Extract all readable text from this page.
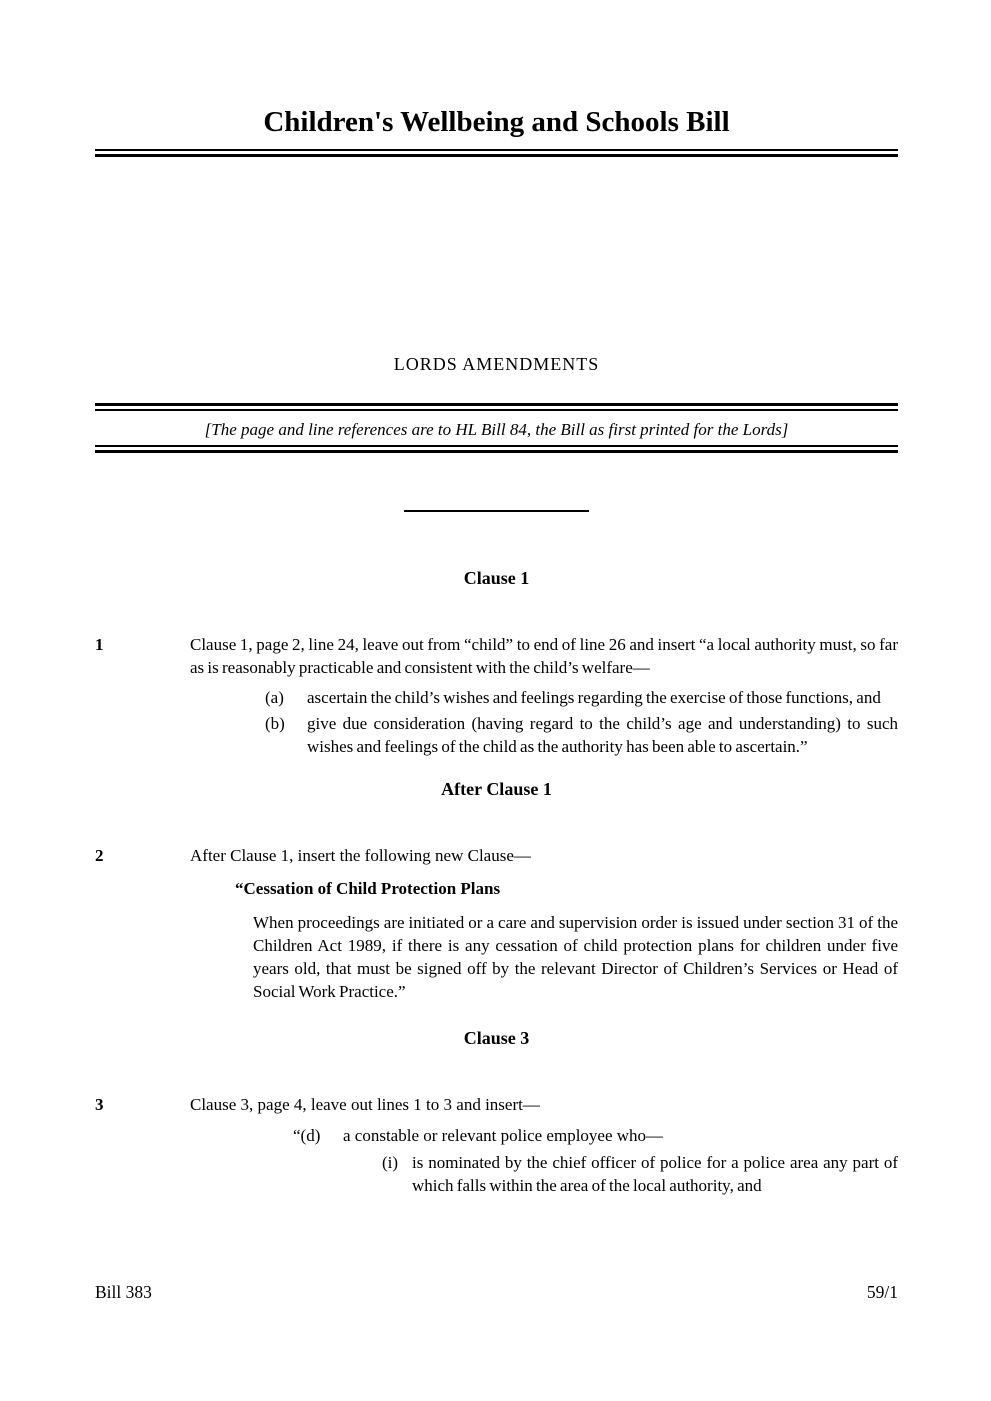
Children's Wellbeing and Schools Bill
LORDS AMENDMENTS
[The page and line references are to HL Bill 84, the Bill as first printed for the Lords]
Clause 1
1	Clause 1, page 2, line 24, leave out from “child” to end of line 26 and insert “a local authority must, so far as is reasonably practicable and consistent with the child’s welfare—
(a)	ascertain the child’s wishes and feelings regarding the exercise of those functions, and
(b)	give due consideration (having regard to the child’s age and understanding) to such wishes and feelings of the child as the authority has been able to ascertain.”
After Clause 1
2	After Clause 1, insert the following new Clause—
“Cessation of Child Protection Plans
When proceedings are initiated or a care and supervision order is issued under section 31 of the Children Act 1989, if there is any cessation of child protection plans for children under five years old, that must be signed off by the relevant Director of Children’s Services or Head of Social Work Practice.”
Clause 3
3	Clause 3, page 4, leave out lines 1 to 3 and insert—
“(d)	a constable or relevant police employee who—
(i) is nominated by the chief officer of police for a police area any part of which falls within the area of the local authority, and
Bill 383	59/1
